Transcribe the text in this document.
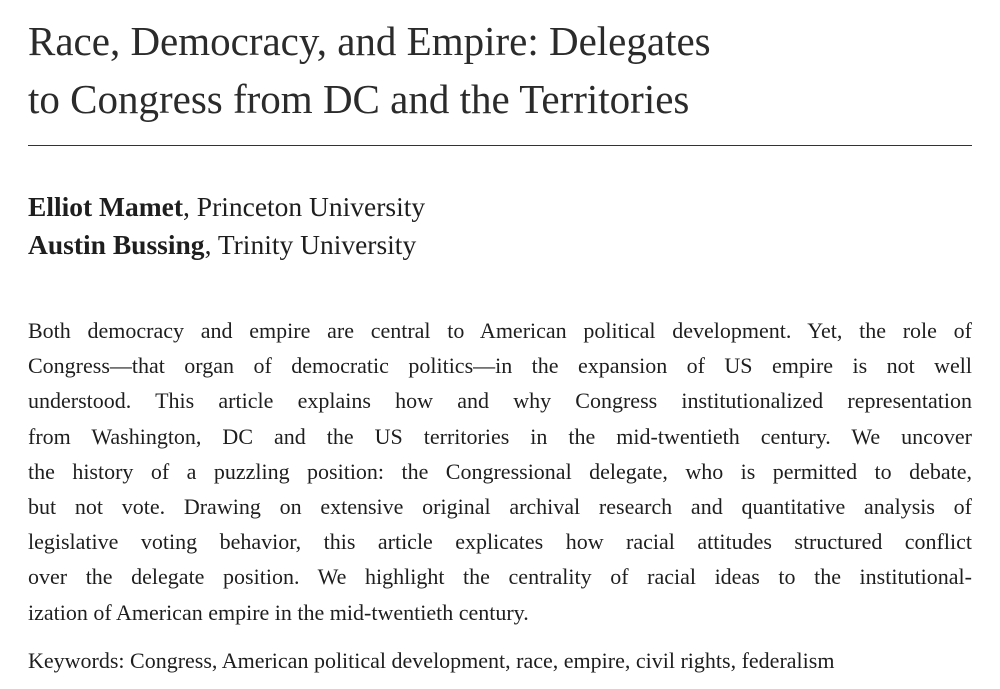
Race, Democracy, and Empire: Delegates
to Congress from DC and the Territories
Elliot Mamet, Princeton University
Austin Bussing, Trinity University
Both democracy and empire are central to American political development. Yet, the role of
Congress—that organ of democratic politics—in the expansion of US empire is not well
understood. This article explains how and why Congress institutionalized representation
from Washington, DC and the US territories in the mid-twentieth century. We uncover
the history of a puzzling position: the Congressional delegate, who is permitted to debate,
but not vote. Drawing on extensive original archival research and quantitative analysis of
legislative voting behavior, this article explicates how racial attitudes structured conflict
over the delegate position. We highlight the centrality of racial ideas to the institutional-
ization of American empire in the mid-twentieth century.
Keywords: Congress, American political development, race, empire, civil rights, federalism
